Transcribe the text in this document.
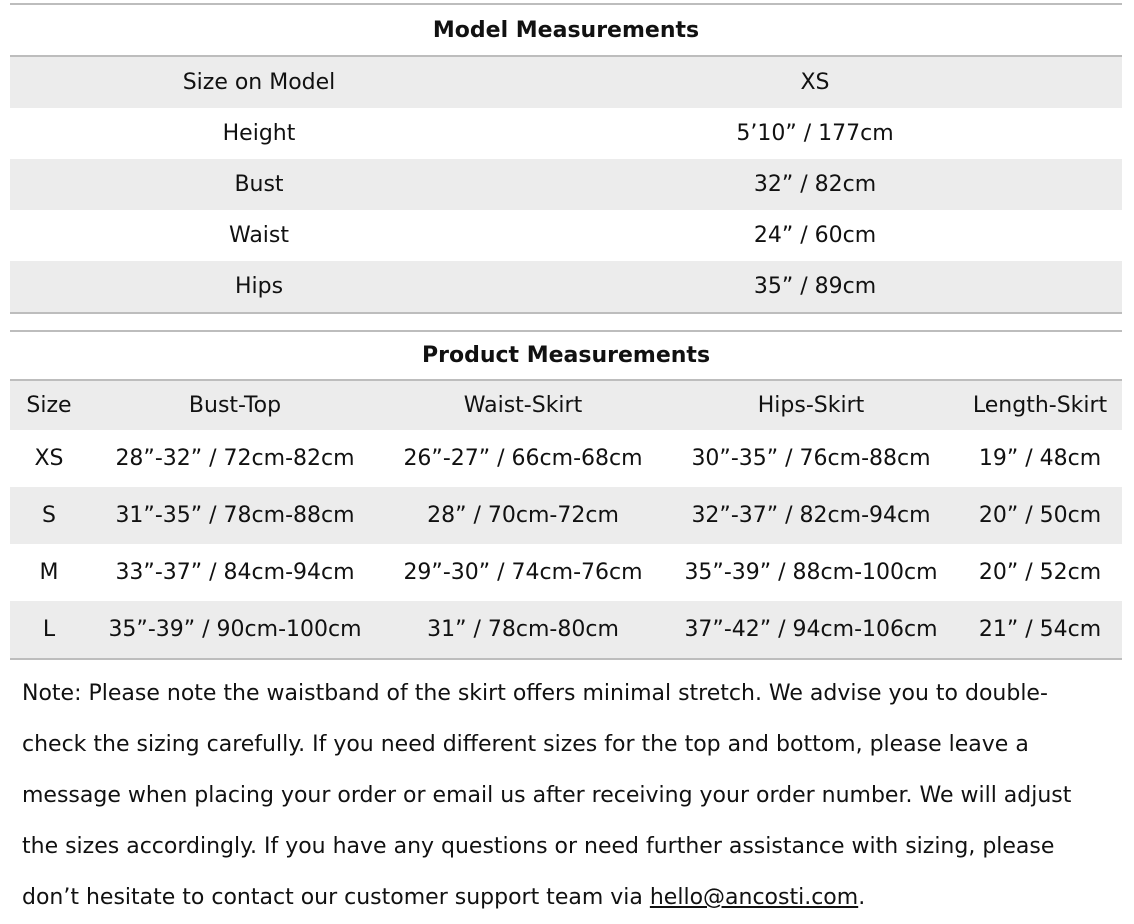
Model Measurements	
Size on Model	XS
Height	5’10” / 177cm
Bust	32” / 82cm
Waist	24” / 60cm
Hips	35” / 89cm
Product Measurements				
Size	Bust-Top	Waist-Skirt	Hips-Skirt	Length-Skirt
XS	28”-32” / 72cm-82cm	26”-27” / 66cm-68cm	30”-35” / 76cm-88cm	19” / 48cm
S	31”-35” / 78cm-88cm	28” / 70cm-72cm	32”-37” / 82cm-94cm	20” / 50cm
M	33”-37” / 84cm-94cm	29”-30” / 74cm-76cm	35”-39” / 88cm-100cm	20” / 52cm
L	35”-39” / 90cm-100cm	31” / 78cm-80cm	37”-42” / 94cm-106cm	21” / 54cm
Note: Please note the waistband of the skirt offers minimal stretch. We advise you to double-
check the sizing carefully. If you need different sizes for the top and bottom, please leave a
message when placing your order or email us after receiving your order number. We will adjust
the sizes accordingly. If you have any questions or need further assistance with sizing, please
don’t hesitate to contact our customer support team via hello@ancosti.com.
